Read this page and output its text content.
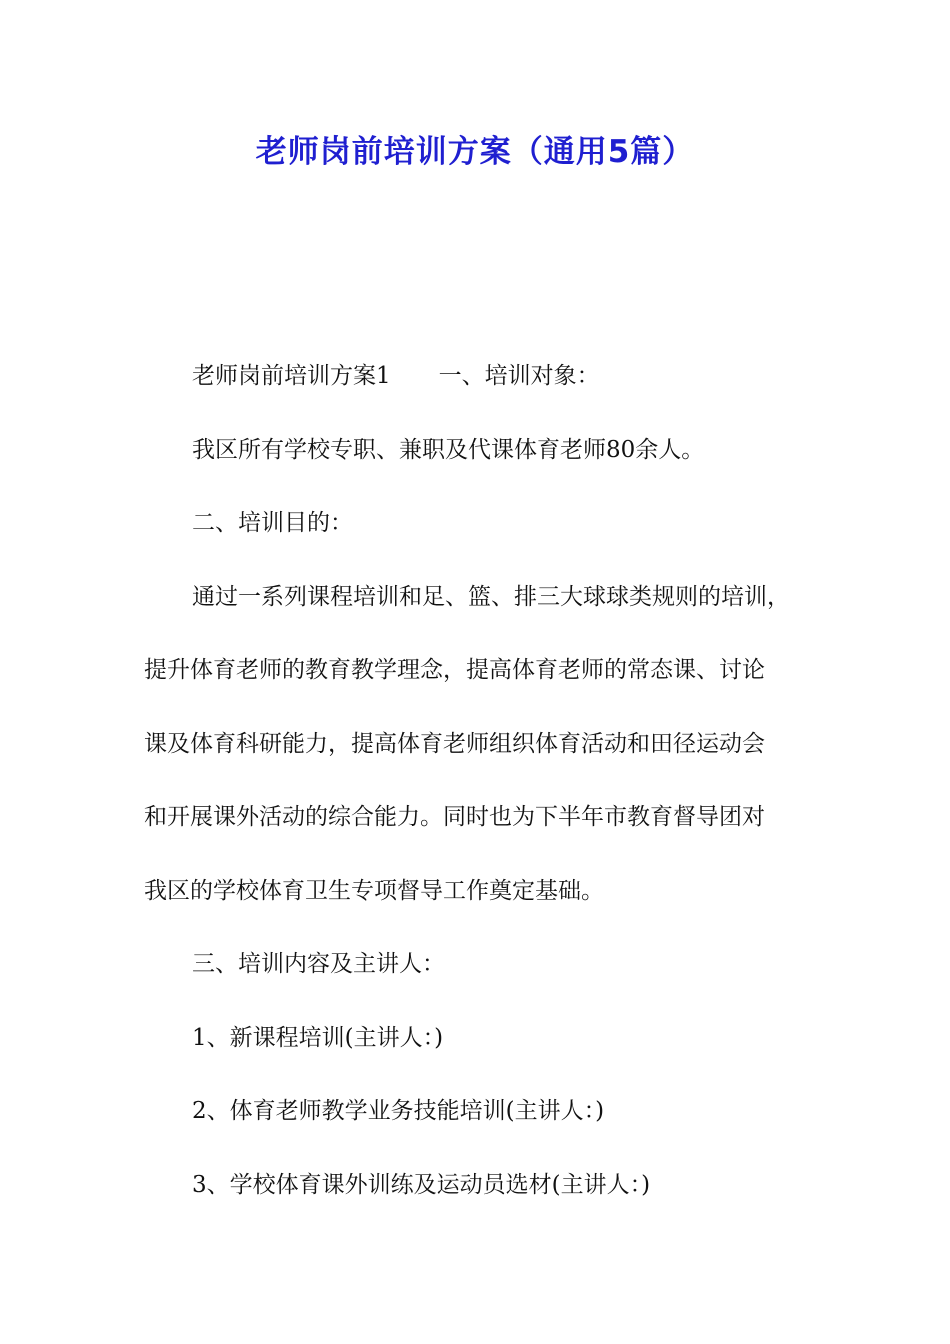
老师岗前培训方案（通用5篇）

老师岗前培训方案1 一、培训对象：

我区所有学校专职、兼职及代课体育老师80余人。

二、培训目的：

通过一系列课程培训和足、篮、排三大球球类规则的培训，
提升体育老师的教育教学理念，提高体育老师的常态课、讨论
课及体育科研能力，提高体育老师组织体育活动和田径运动会
和开展课外活动的综合能力。同时也为下半年市教育督导团对
我区的学校体育卫生专项督导工作奠定基础。

三、培训内容及主讲人：

1、新课程培训(主讲人：)

2、体育老师教学业务技能培训(主讲人：)

3、学校体育课外训练及运动员选材(主讲人：)
